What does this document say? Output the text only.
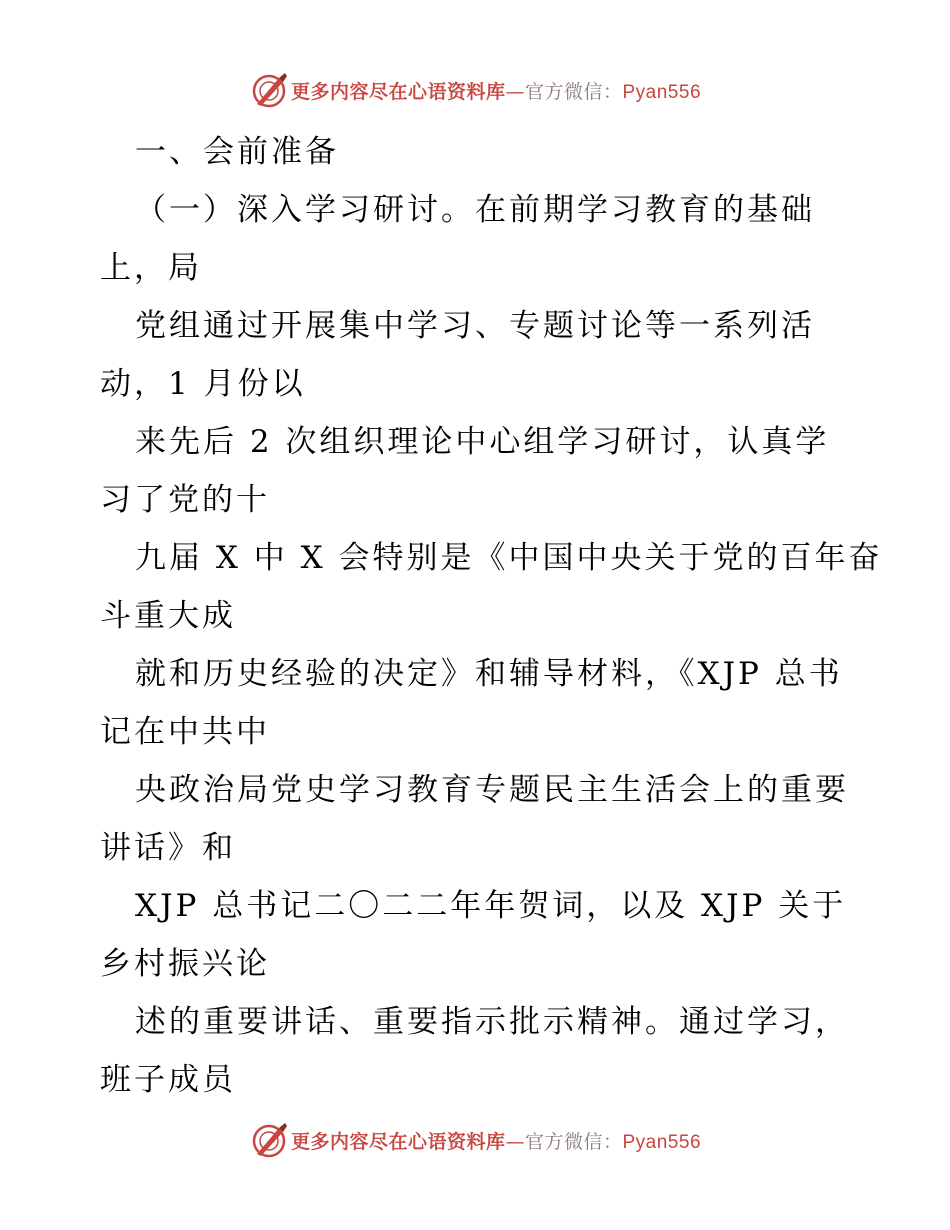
更多内容尽在心语资料库—官方微信：Pyan556
一、会前准备
（一）深入学习研讨。在前期学习教育的基础
上，局
党组通过开展集中学习、专题讨论等一系列活
动，1 月份以
来先后 2 次组织理论中心组学习研讨，认真学
习了党的十
九届 X 中 X 会特别是《中国中央关于党的百年奋
斗重大成
就和历史经验的决定》和辅导材料，《XJP 总书
记在中共中
央政治局党史学习教育专题民主生活会上的重要
讲话》和
XJP 总书记二〇二二年年贺词，以及 XJP 关于
乡村振兴论
述的重要讲话、重要指示批示精神。通过学习，
班子成员
更多内容尽在心语资料库—官方微信：Pyan556
